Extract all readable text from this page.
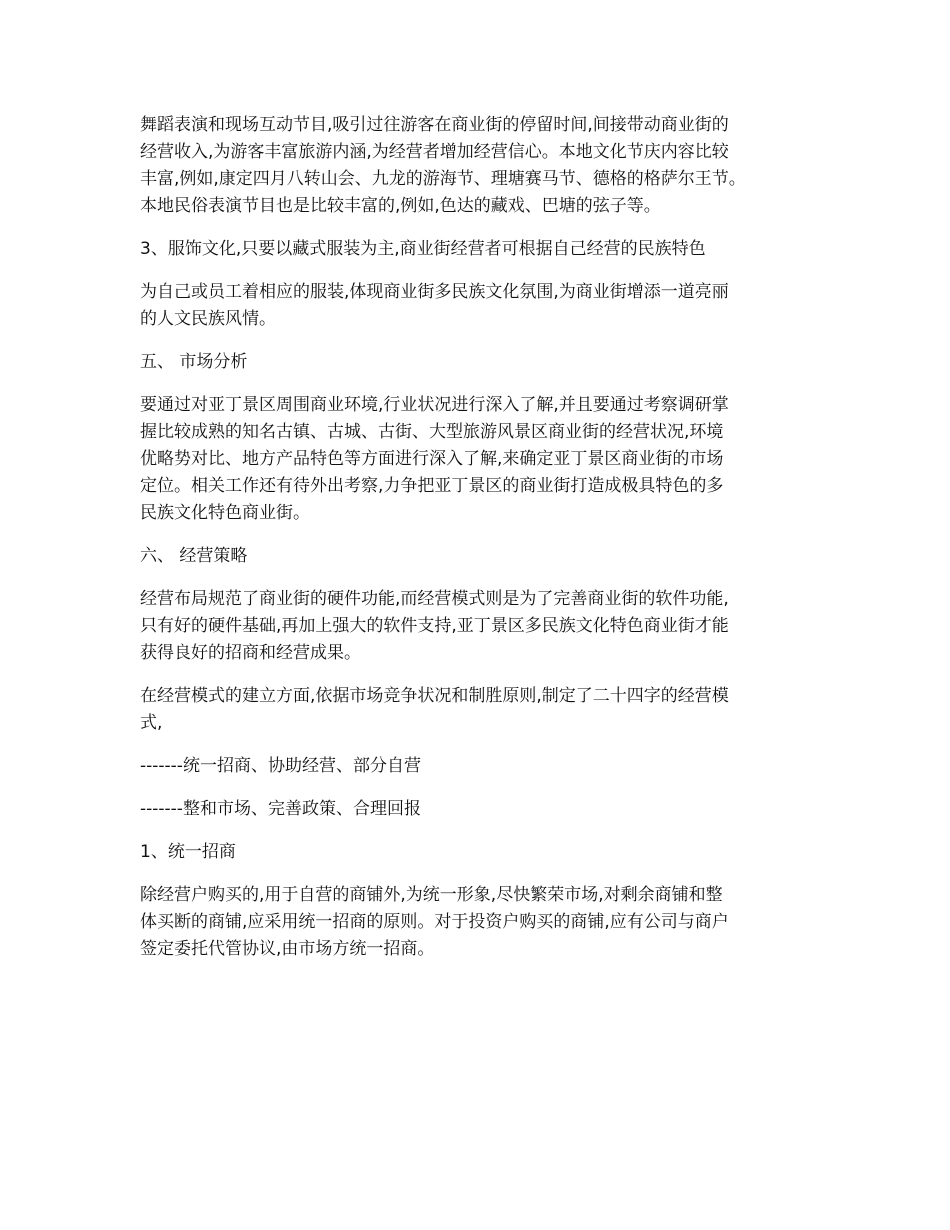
舞蹈表演和现场互动节目,吸引过往游客在商业街的停留时间,间接带动商业街的
经营收入,为游客丰富旅游内涵,为经营者增加经营信心。本地文化节庆内容比较
丰富,例如,康定四月八转山会、九龙的游海节、理塘赛马节、德格的格萨尔王节。
本地民俗表演节目也是比较丰富的,例如,色达的藏戏、巴塘的弦子等。

3、服饰文化,只要以藏式服装为主,商业街经营者可根据自己经营的民族特色

为自己或员工着相应的服装,体现商业街多民族文化氛围,为商业街增添一道亮丽
的人文民族风情。

五、 市场分析

要通过对亚丁景区周围商业环境,行业状况进行深入了解,并且要通过考察调研掌
握比较成熟的知名古镇、古城、古街、大型旅游风景区商业街的经营状况,环境
优略势对比、地方产品特色等方面进行深入了解,来确定亚丁景区商业街的市场
定位。相关工作还有待外出考察,力争把亚丁景区的商业街打造成极具特色的多
民族文化特色商业街。

六、 经营策略

经营布局规范了商业街的硬件功能,而经营模式则是为了完善商业街的软件功能,
只有好的硬件基础,再加上强大的软件支持,亚丁景区多民族文化特色商业街才能
获得良好的招商和经营成果。

在经营模式的建立方面,依据市场竞争状况和制胜原则,制定了二十四字的经营模
式,

-------统一招商、协助经营、部分自营

-------整和市场、完善政策、合理回报

1、统一招商

除经营户购买的,用于自营的商铺外,为统一形象,尽快繁荣市场,对剩余商铺和整
体买断的商铺,应采用统一招商的原则。对于投资户购买的商铺,应有公司与商户
签定委托代管协议,由市场方统一招商。
